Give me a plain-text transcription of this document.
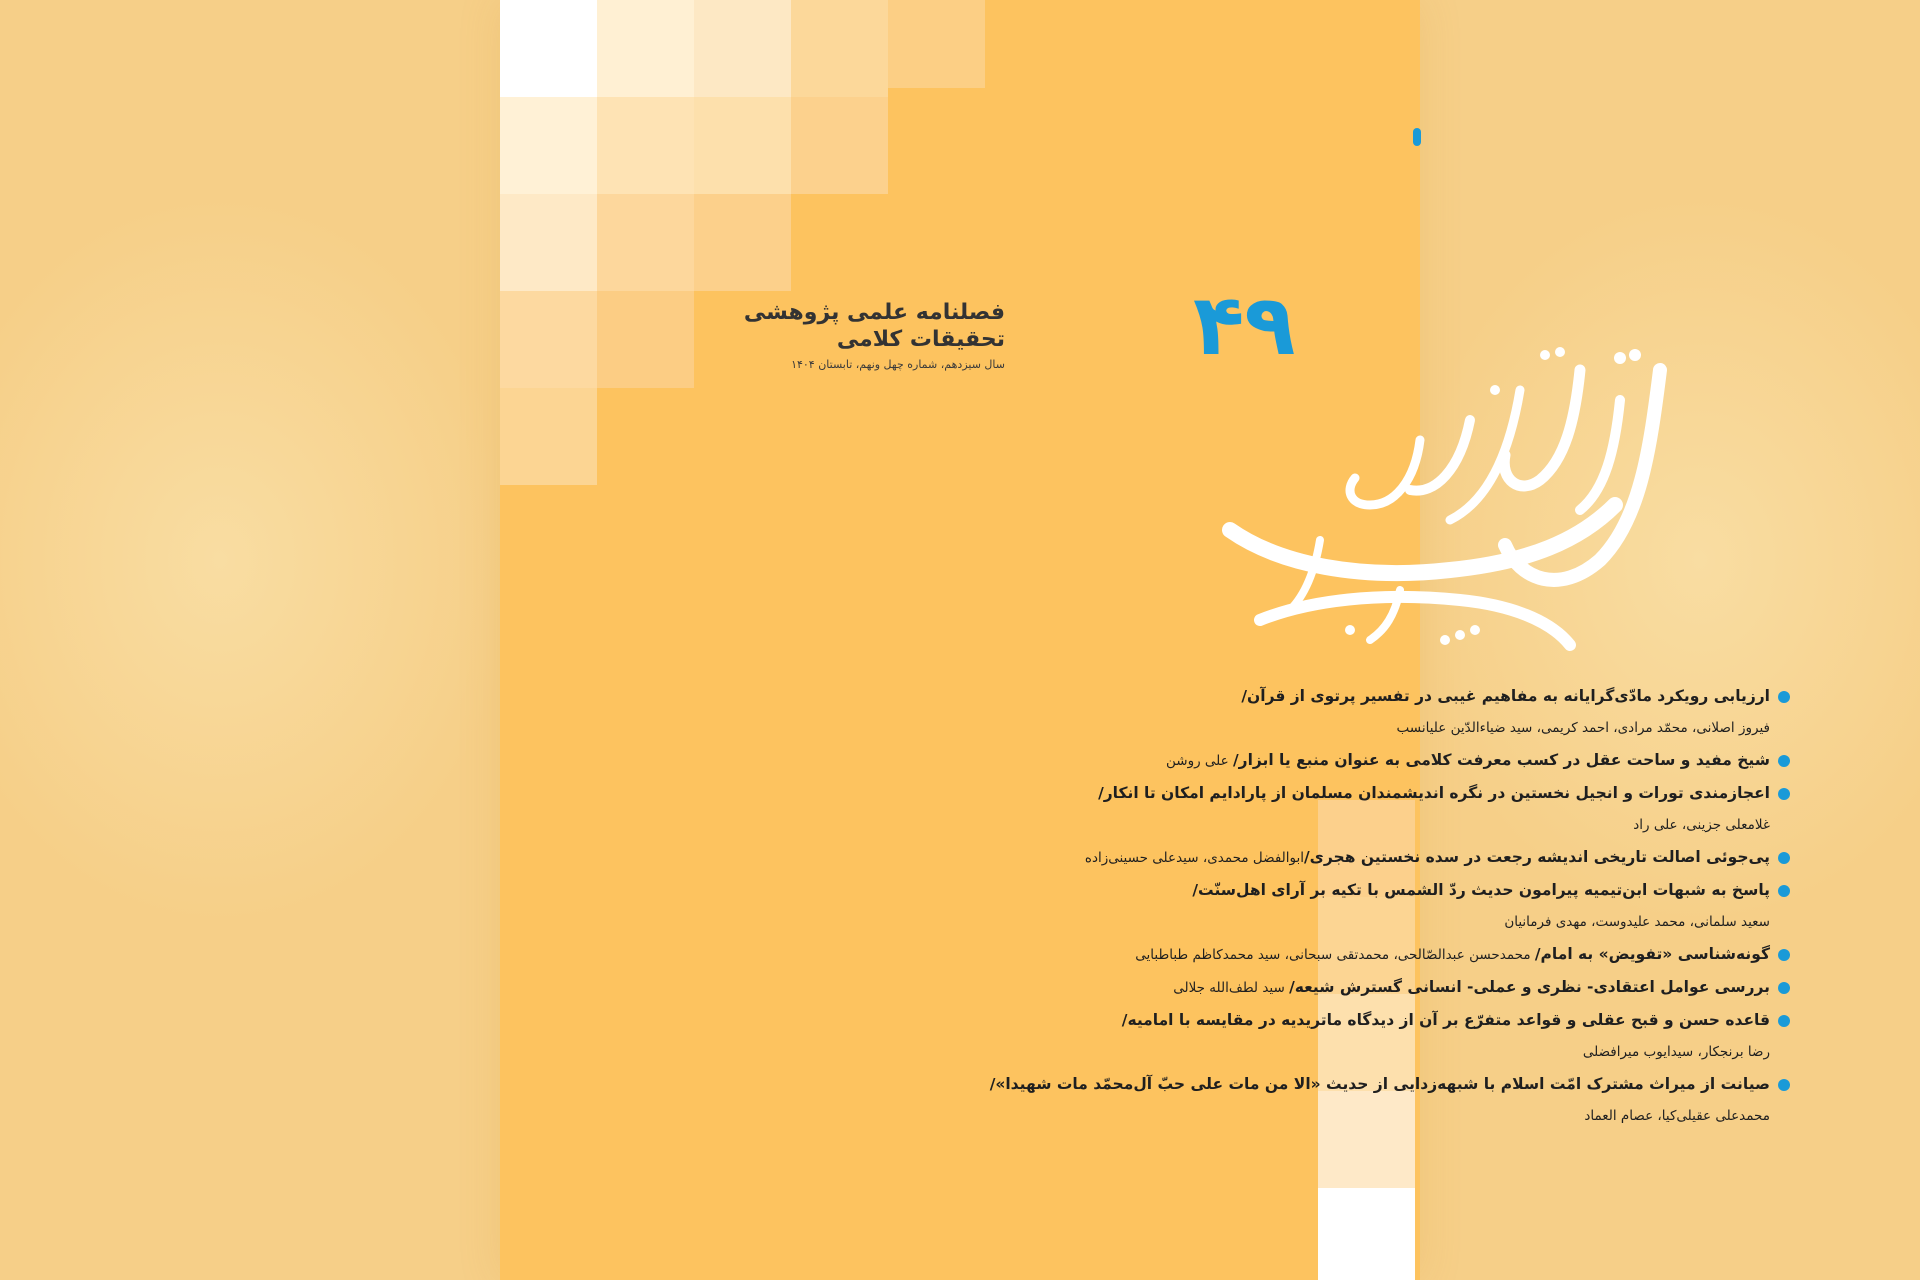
۴۹
فصلنامه علمی پژوهشی
تحقیقات کلامی
سال سیزدهم، شماره چهل ونهم، تابستان ۱۴۰۴
ارزیابی رویکرد مادّی‌گرایانه به مفاهیم غیبی در تفسیر پرتوی از قرآن/
فیروز اصلانی، محمّد مرادی، احمد کریمی، سید ضیاءالدّین علیانسب
شیخ مفید و ساحت عقل در کسب معرفت کلامی به عنوان منبع یا ابزار/ علی روشن
اعجازمندی تورات و انجیل نخستین در نگره اندیشمندان مسلمان از پارادایم امکان تا انکار/
غلامعلی جزینی، علی راد
پی‌جوئی اصالت تاریخی اندیشه رجعت در سده نخستین هجری/ابوالفضل محمدی، سیدعلی حسینی‌زاده
پاسخ به شبهات ابن‌تیمیه پیرامون حدیث ردّ الشمس با تکیه بر آرای اهل‌سنّت/
سعید سلمانی، محمد علیدوست، مهدی فرمانیان
گونه‌شناسی «تفویض» به امام/ محمدحسن عبدالصّالحی، محمدتقی سبحانی، سید محمدکاظم طباطبایی
بررسی عوامل اعتقادی- نظری و عملی- انسانی گسترش شیعه/ سید لطف‌الله جلالی
قاعده حسن و قبح عقلی و قواعد متفرّع بر آن از دیدگاه ماتریدیه در مقایسه با امامیه/
رضا برنجکار، سیدایوب میرافضلی
صیانت از میراث مشترک امّت اسلام با شبهه‌زدایی از حدیث «الا من مات علی حبّ آل‌محمّد مات شهیدا»/
محمدعلی عقیلی‌کیا، عصام العماد
